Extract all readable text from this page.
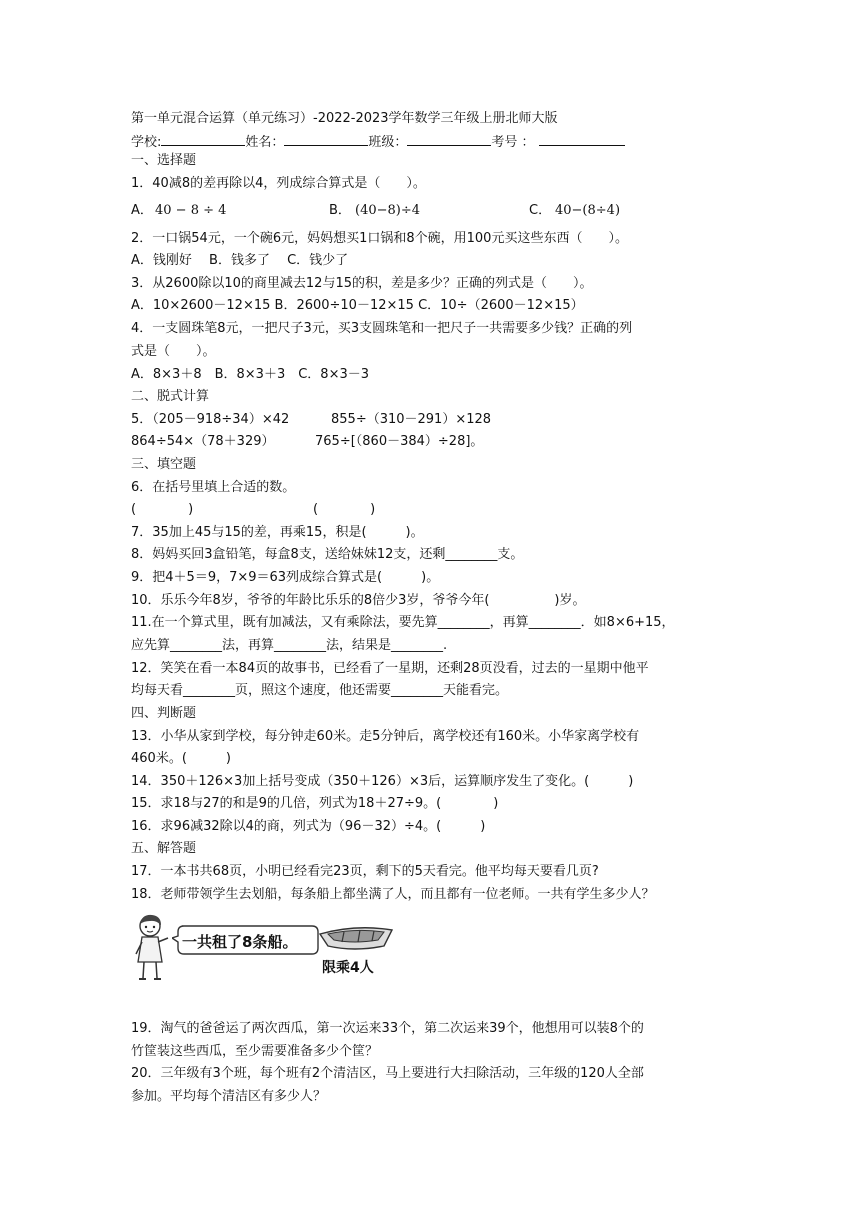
第一单元混合运算（单元练习）-2022-2023学年数学三年级上册北师大版
学校:	姓名：	班级：	考号 ：
一、选择题
1．40减8的差再除以4，列成综合算式是（　　）。
A． 40 − 8 ÷ 4	B． (40−8)÷4	C． 40−(8÷4)
2．一口锅54元，一个碗6元，妈妈想买1口锅和8个碗，用100元买这些东西（　　）。
A．钱刚好　 B．钱多了　 C．钱少了
3．从2600除以10的商里减去12与15的积，差是多少？正确的列式是（　　）。
A．10×2600－12×15 B．2600÷10－12×15 C．10÷（2600－12×15）
4．一支圆珠笔8元，一把尺子3元，买3支圆珠笔和一把尺子一共需要多少钱？正确的列
式是（　　）。
A．8×3＋8　B．8×3＋3　C．8×3－3
二、脱式计算
5．（205－918÷34）×42	855÷（310－291）×128
864÷54×（78＋329）	765÷[（860－384）÷28]。
三、填空题
6．在括号里填上合适的数。
(　　　　)	(　　　　)
7．35加上45与15的差，再乘15，积是(　　　)。
8．妈妈买回3盒铅笔，每盒8支，送给妹妹12支，还剩________支。
9．把4＋5＝9，7×9＝63列成综合算式是(　　　)。
10．乐乐今年8岁，爷爷的年龄比乐乐的8倍少3岁，爷爷今年(　　　　　)岁。
11.在一个算式里，既有加减法，又有乘除法，要先算________，再算________．如8×6+15，
应先算________法，再算________法，结果是________.
12．笑笑在看一本84页的故事书，已经看了一星期，还剩28页没看，过去的一星期中他平
均每天看________页，照这个速度，他还需要________天能看完。
四、判断题
13．小华从家到学校，每分钟走60米。走5分钟后，离学校还有160米。小华家离学校有
460米。(　　　)
14．350＋126×3加上括号变成（350＋126）×3后，运算顺序发生了变化。(　　　)
15．求18与27的和是9的几倍，列式为18＋27÷9。(　　　　)
16．求96减32除以4的商，列式为（96－32）÷4。(　　　)
五、解答题
17．一本书共68页，小明已经看完23页，剩下的5天看完。他平均每天要看几页?
18．老师带领学生去划船，每条船上都坐满了人，而且都有一位老师。一共有学生多少人？
一共租了8条船。
限乘4人
19．淘气的爸爸运了两次西瓜，第一次运来33个，第二次运来39个，他想用可以装8个的
竹筐装这些西瓜，至少需要准备多少个筐？
20．三年级有3个班，每个班有2个清洁区，马上要进行大扫除活动，三年级的120人全部
参加。平均每个清洁区有多少人？
